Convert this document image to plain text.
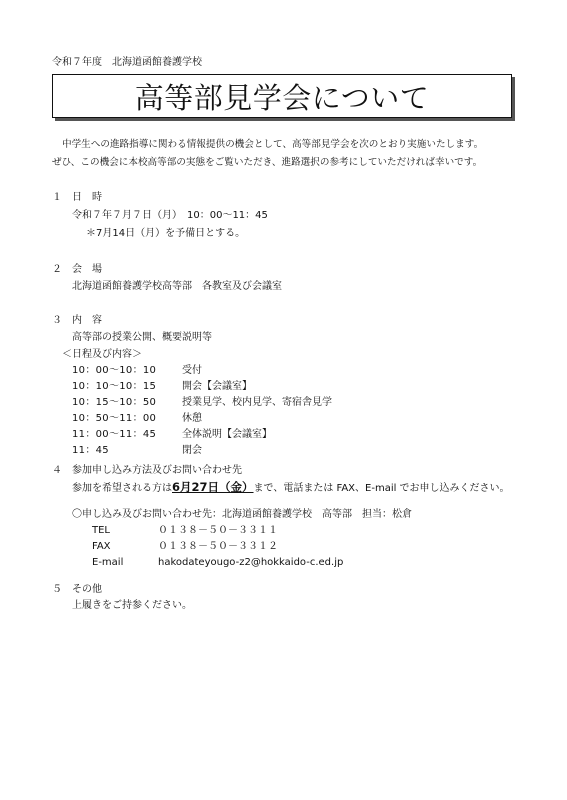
令和７年度　北海道函館養護学校
高等部見学会について
中学生への進路指導に関わる情報提供の機会として、高等部見学会を次のとおり実施いたします。
ぜひ、この機会に本校高等部の実態をご覧いただき、進路選択の参考にしていただければ幸いです。
１　日　時
令和７年７月７日（月）　10：00～11：45
＊7月14日（月）を予備日とする。
２　会　場
北海道函館養護学校高等部　各教室及び会議室
３　内　容
高等部の授業公開、概要説明等
＜日程及び内容＞
10：00～10：10	受付
10：10～10：15	開会【会議室】
10：15～10：50	授業見学、校内見学、寄宿舎見学
10：50～11：00	休憩
11：00～11：45	全体説明【会議室】
11：45	閉会
４　参加申し込み方法及びお問い合わせ先
参加を希望される方は6月27日（金）まで、電話または FAX、E-mail でお申し込みください。
〇申し込み及びお問い合わせ先：北海道函館養護学校　高等部　担当：松倉
TEL	０１３８－５０－３３１１
FAX	０１３８－５０－３３１２
E-mail	hakodateyougo-z2@hokkaido-c.ed.jp
５　その他
上履きをご持参ください。
